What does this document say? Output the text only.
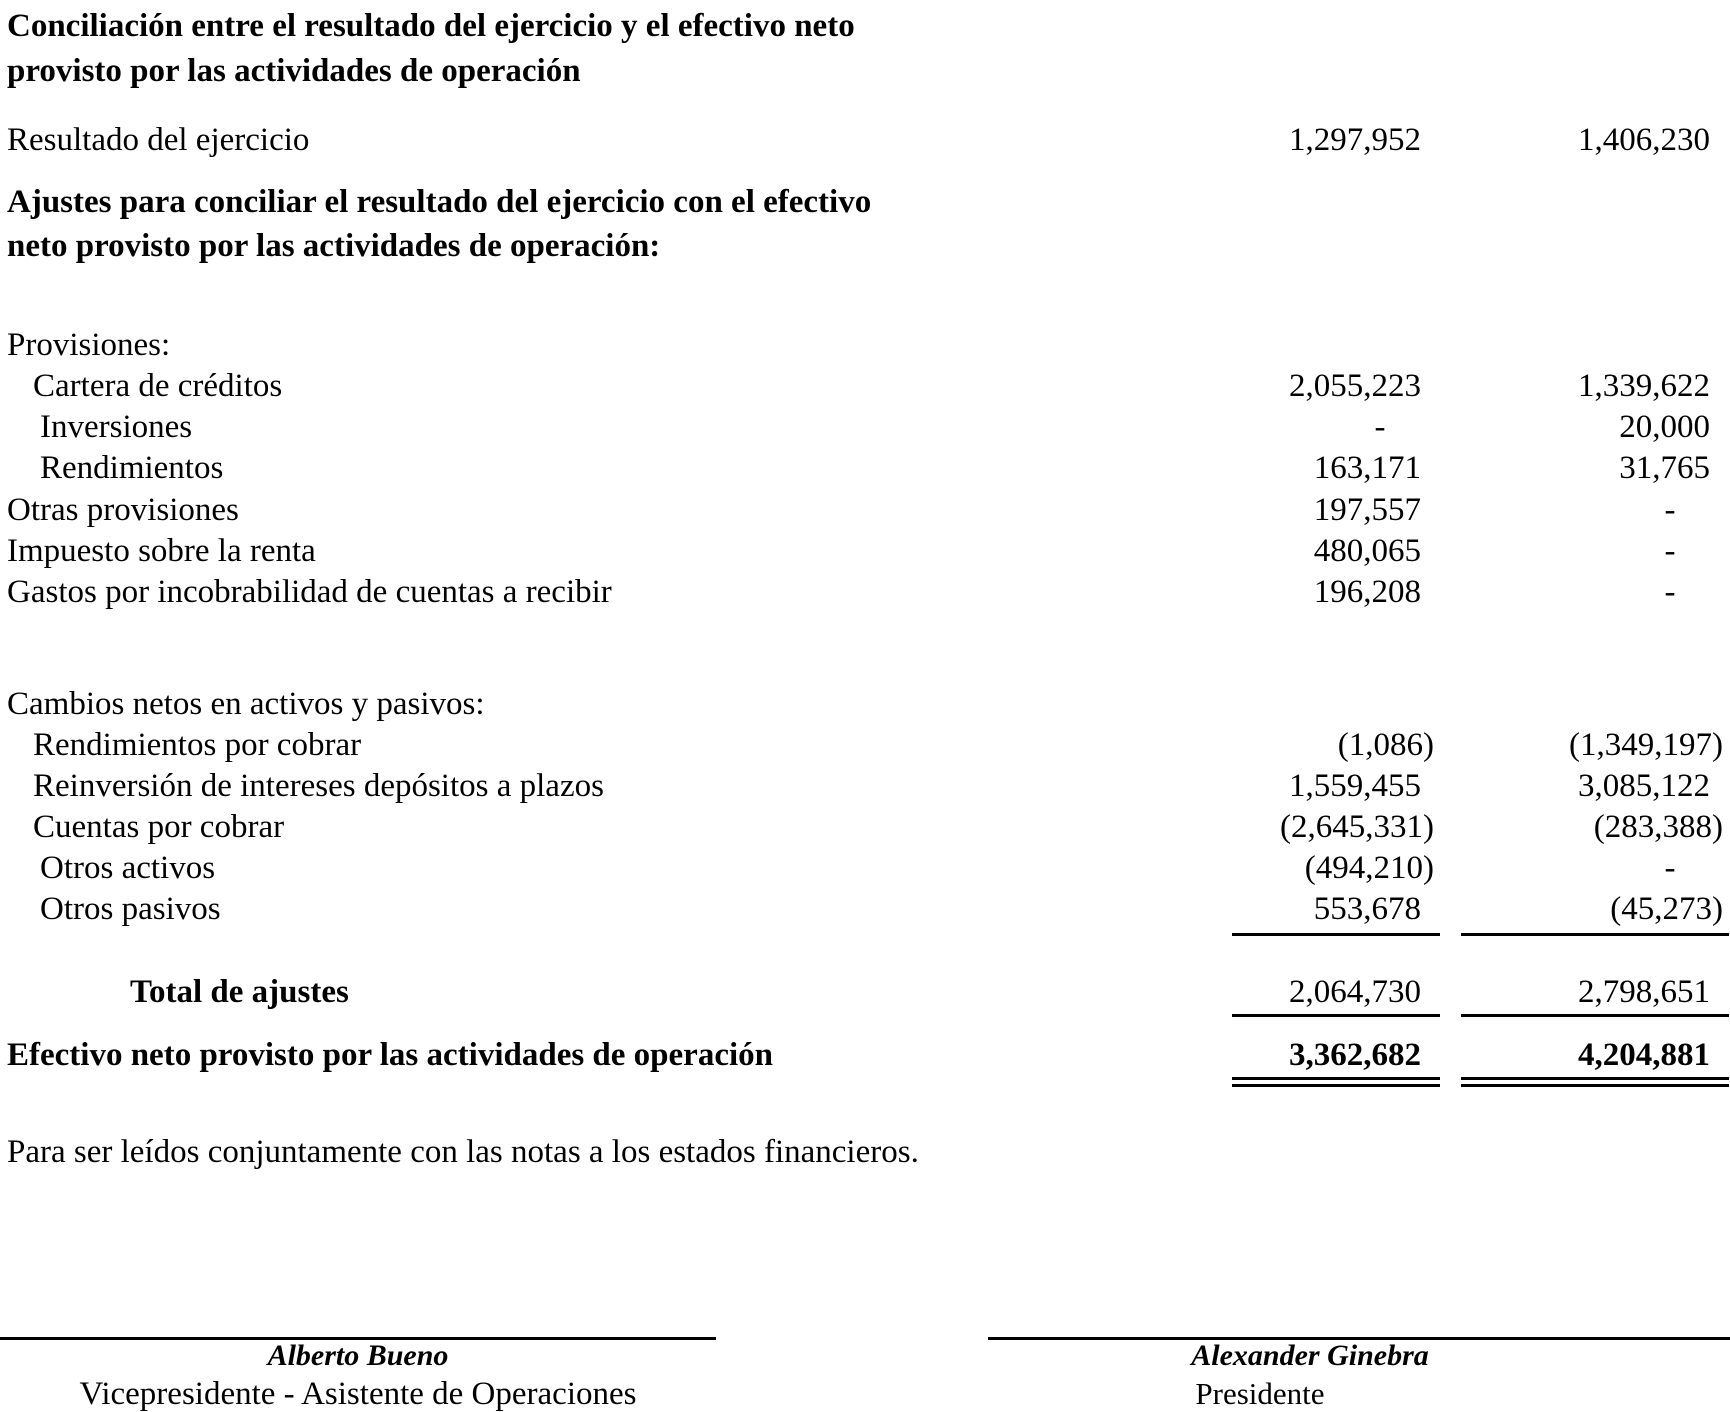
Conciliación entre el resultado del ejercicio y el efectivo neto
provisto por las actividades de operación
Resultado del ejercicio	1,297,952	1,406,230
Ajustes para conciliar el resultado del ejercicio con el efectivo
neto provisto por las actividades de operación:
Provisiones:
Cartera de créditos	2,055,223	1,339,622
Inversiones	-	20,000
Rendimientos	163,171	31,765
Otras provisiones	197,557	-
Impuesto sobre la renta	480,065	-
Gastos por incobrabilidad de cuentas a recibir	196,208	-
Cambios netos en activos y pasivos:
Rendimientos por cobrar	(1,086)	(1,349,197)
Reinversión de intereses depósitos a plazos	1,559,455	3,085,122
Cuentas por cobrar	(2,645,331)	(283,388)
Otros activos	(494,210)	-
Otros pasivos	553,678	(45,273)
Total de ajustes	2,064,730	2,798,651
Efectivo neto provisto por las actividades de operación	3,362,682	4,204,881
Para ser leídos conjuntamente con las notas a los estados financieros.
Alberto Bueno
Vicepresidente - Asistente de Operaciones
Alexander Ginebra
Presidente
